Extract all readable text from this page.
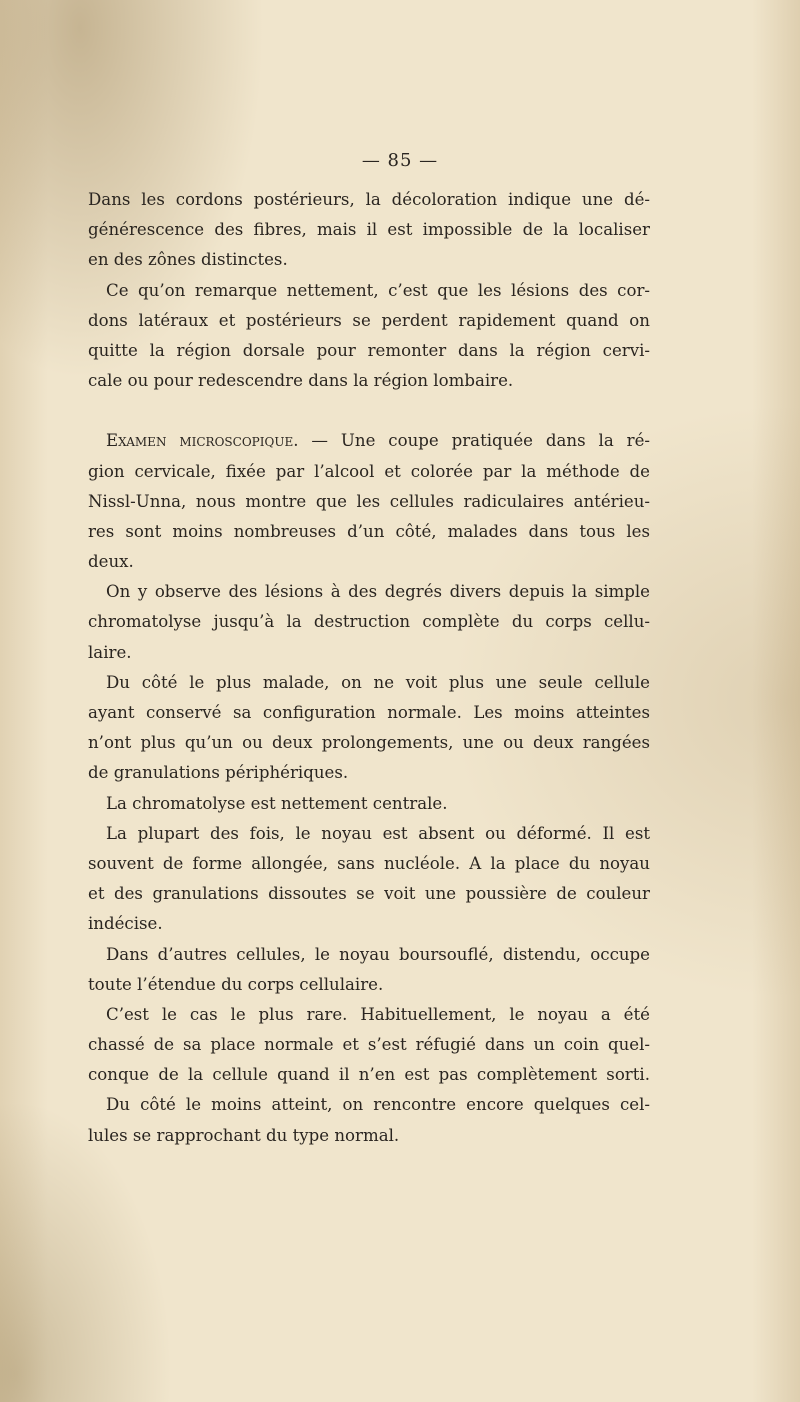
— 85 —
Dans les cordons postérieurs, la décoloration indique une dé-
générescence des fibres, mais il est impossible de la localiser
en des zônes distinctes.
Ce qu’on remarque nettement, c’est que les lésions des cor-
dons latéraux et postérieurs se perdent rapidement quand on
quitte la région dorsale pour remonter dans la région cervi-
cale ou pour redescendre dans la région lombaire.
Examen microscopique. — Une coupe pratiquée dans la ré-
gion cervicale, fixée par l’alcool et colorée par la méthode de
Nissl-Unna, nous montre que les cellules radiculaires antérieu-
res sont moins nombreuses d’un côté, malades dans tous les
deux.
On y observe des lésions à des degrés divers depuis la simple
chromatolyse jusqu’à la destruction complète du corps cellu-
laire.
Du côté le plus malade, on ne voit plus une seule cellule
ayant conservé sa configuration normale. Les moins atteintes
n’ont plus qu’un ou deux prolongements, une ou deux rangées
de granulations périphériques.
La chromatolyse est nettement centrale.
La plupart des fois, le noyau est absent ou déformé. Il est
souvent de forme allongée, sans nucléole. A la place du noyau
et des granulations dissoutes se voit une poussière de couleur
indécise.
Dans d’autres cellules, le noyau boursouflé, distendu, occupe
toute l’étendue du corps cellulaire.
C’est le cas le plus rare. Habituellement, le noyau a été
chassé de sa place normale et s’est réfugié dans un coin quel-
conque de la cellule quand il n’en est pas complètement sorti.
Du côté le moins atteint, on rencontre encore quelques cel-
lules se rapprochant du type normal.
